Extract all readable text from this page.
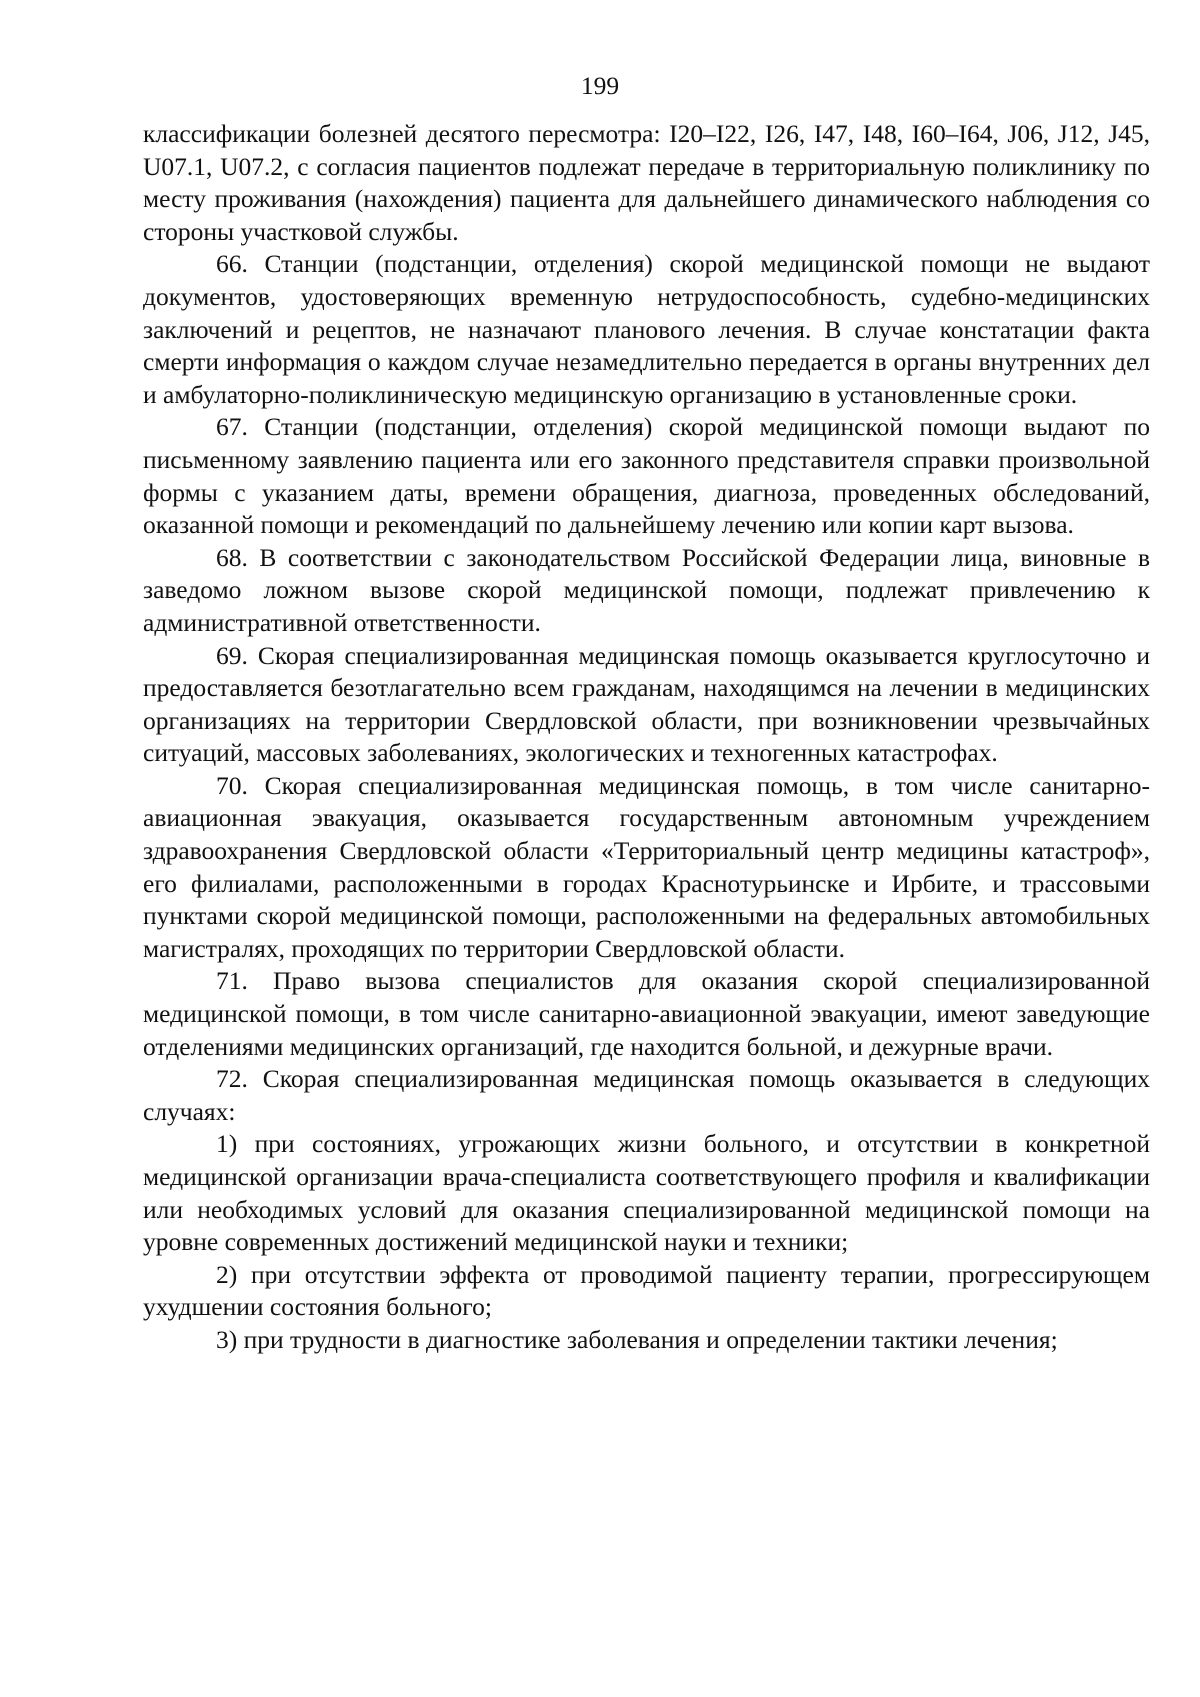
199

классификации болезней десятого пересмотра: I20–I22, I26, I47, I48, I60–I64, J06, J12, J45, U07.1, U07.2, с согласия пациентов подлежат передаче в территориальную поликлинику по месту проживания (нахождения) пациента для дальнейшего динамического наблюдения со стороны участковой службы.

66. Станции (подстанции, отделения) скорой медицинской помощи не выдают документов, удостоверяющих временную нетрудоспособность, судебно-медицинских заключений и рецептов, не назначают планового лечения. В случае констатации факта смерти информация о каждом случае незамедлительно передается в органы внутренних дел и амбулаторно-поликлиническую медицинскую организацию в установленные сроки.

67. Станции (подстанции, отделения) скорой медицинской помощи выдают по письменному заявлению пациента или его законного представителя справки произвольной формы с указанием даты, времени обращения, диагноза, проведенных обследований, оказанной помощи и рекомендаций по дальнейшему лечению или копии карт вызова.

68. В соответствии с законодательством Российской Федерации лица, виновные в заведомо ложном вызове скорой медицинской помощи, подлежат привлечению к административной ответственности.

69. Скорая специализированная медицинская помощь оказывается круглосуточно и предоставляется безотлагательно всем гражданам, находящимся на лечении в медицинских организациях на территории Свердловской области, при возникновении чрезвычайных ситуаций, массовых заболеваниях, экологических и техногенных катастрофах.

70. Скорая специализированная медицинская помощь, в том числе санитарно-авиационная эвакуация, оказывается государственным автономным учреждением здравоохранения Свердловской области «Территориальный центр медицины катастроф», его филиалами, расположенными в городах Краснотурьинске и Ирбите, и трассовыми пунктами скорой медицинской помощи, расположенными на федеральных автомобильных магистралях, проходящих по территории Свердловской области.

71. Право вызова специалистов для оказания скорой специализированной медицинской помощи, в том числе санитарно-авиационной эвакуации, имеют заведующие отделениями медицинских организаций, где находится больной, и дежурные врачи.

72. Скорая специализированная медицинская помощь оказывается в следующих случаях:

1) при состояниях, угрожающих жизни больного, и отсутствии в конкретной медицинской организации врача-специалиста соответствующего профиля и квалификации или необходимых условий для оказания специализированной медицинской помощи на уровне современных достижений медицинской науки и техники;

2) при отсутствии эффекта от проводимой пациенту терапии, прогрессирующем ухудшении состояния больного;

3) при трудности в диагностике заболевания и определении тактики лечения;
